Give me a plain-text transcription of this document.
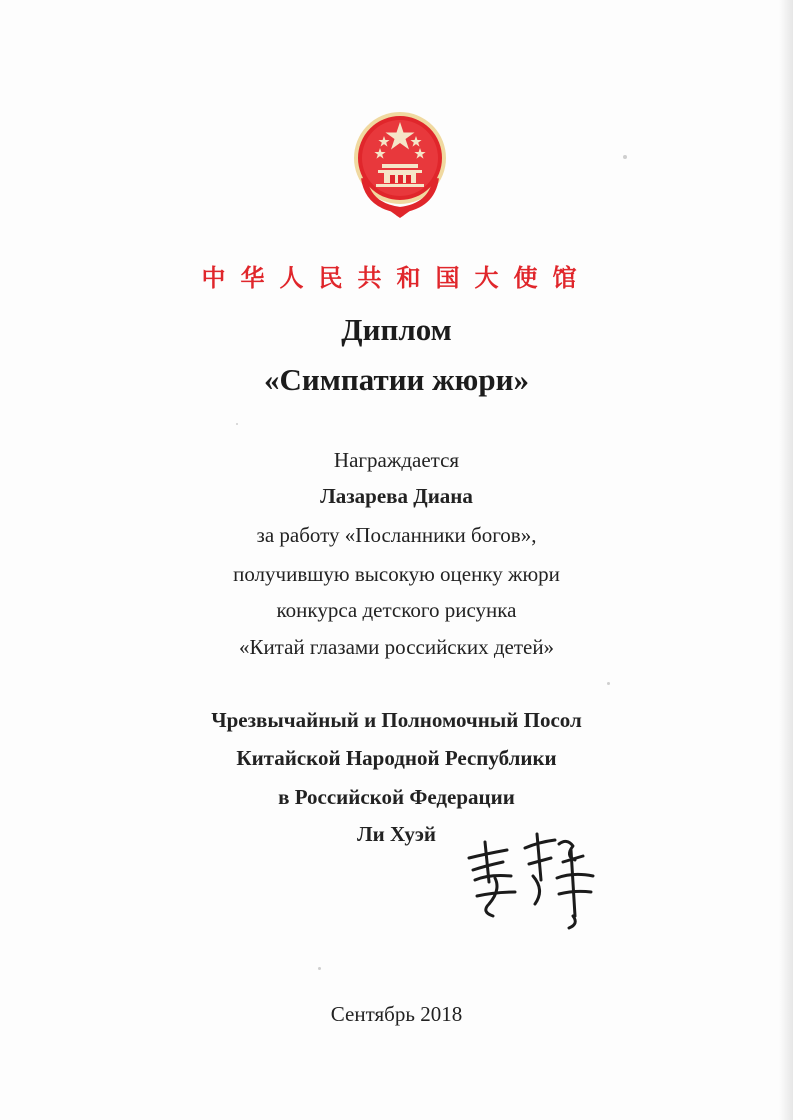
中华人民共和国大使馆
Диплом
«Симпатии жюри»
Награждается
Лазарева Диана
за работу «Посланники богов»,
получившую высокую оценку жюри
конкурса детского рисунка
«Китай глазами российских детей»
Чрезвычайный и Полномочный Посол
Китайской Народной Республики
в Российской Федерации
Ли Хуэй
Сентябрь 2018
